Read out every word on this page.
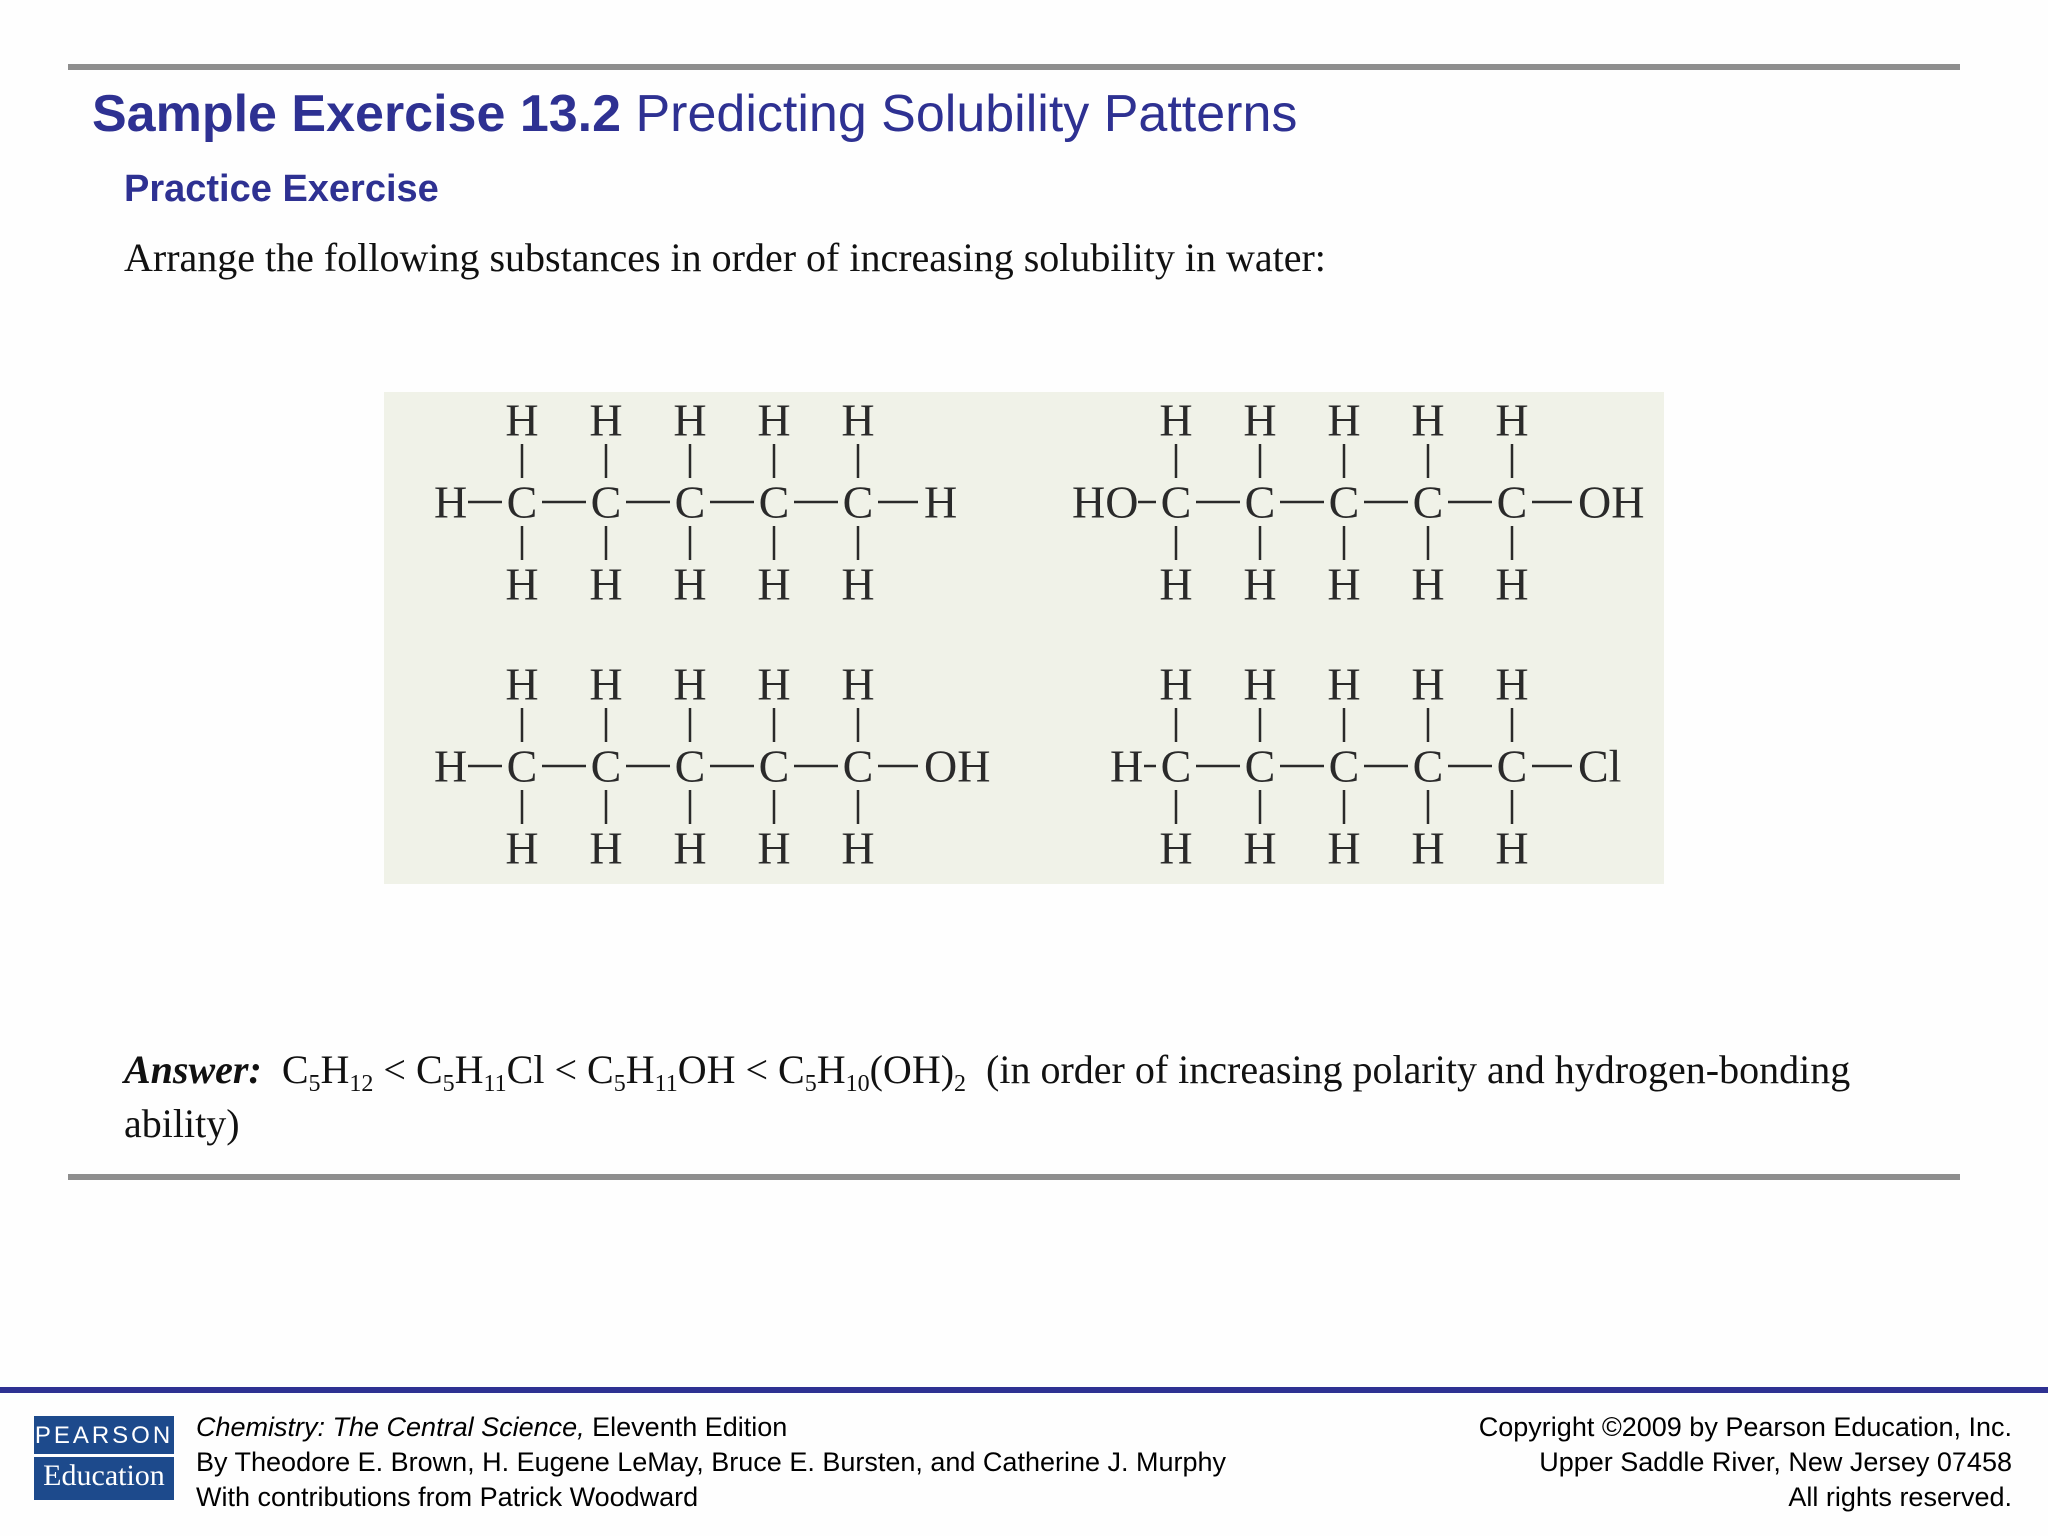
Sample Exercise 13.2 Predicting Solubility Patterns
Practice Exercise
Arrange the following substances in order of increasing solubility in water:
H C
H
H
C
H
H
C
H
H
C
H
H
C
H
H
H HO C
H
H
C
H
H
C
H
H
C
H
H
C
H
H
OH
H C
H
H
C
H
H
C
H
H
C
H
H
C
H
H
OH	H C
H
H
C
H
H
C
H
H
C
H
H
C
H
H
Cl
Answer: $C_5H_{12} < C_5H_{11}Cl < C_5H_{11}OH < C_5H_{10}(OH)_2$ (in order of increasing polarity and hydrogen-bonding ability)
PEARSON
Education
Chemistry: The Central Science, Eleventh Edition
By Theodore E. Brown, H. Eugene LeMay, Bruce E. Bursten, and Catherine J. Murphy
With contributions from Patrick Woodward
Copyright ©2009 by Pearson Education, Inc.
Upper Saddle River, New Jersey 07458
All rights reserved.
